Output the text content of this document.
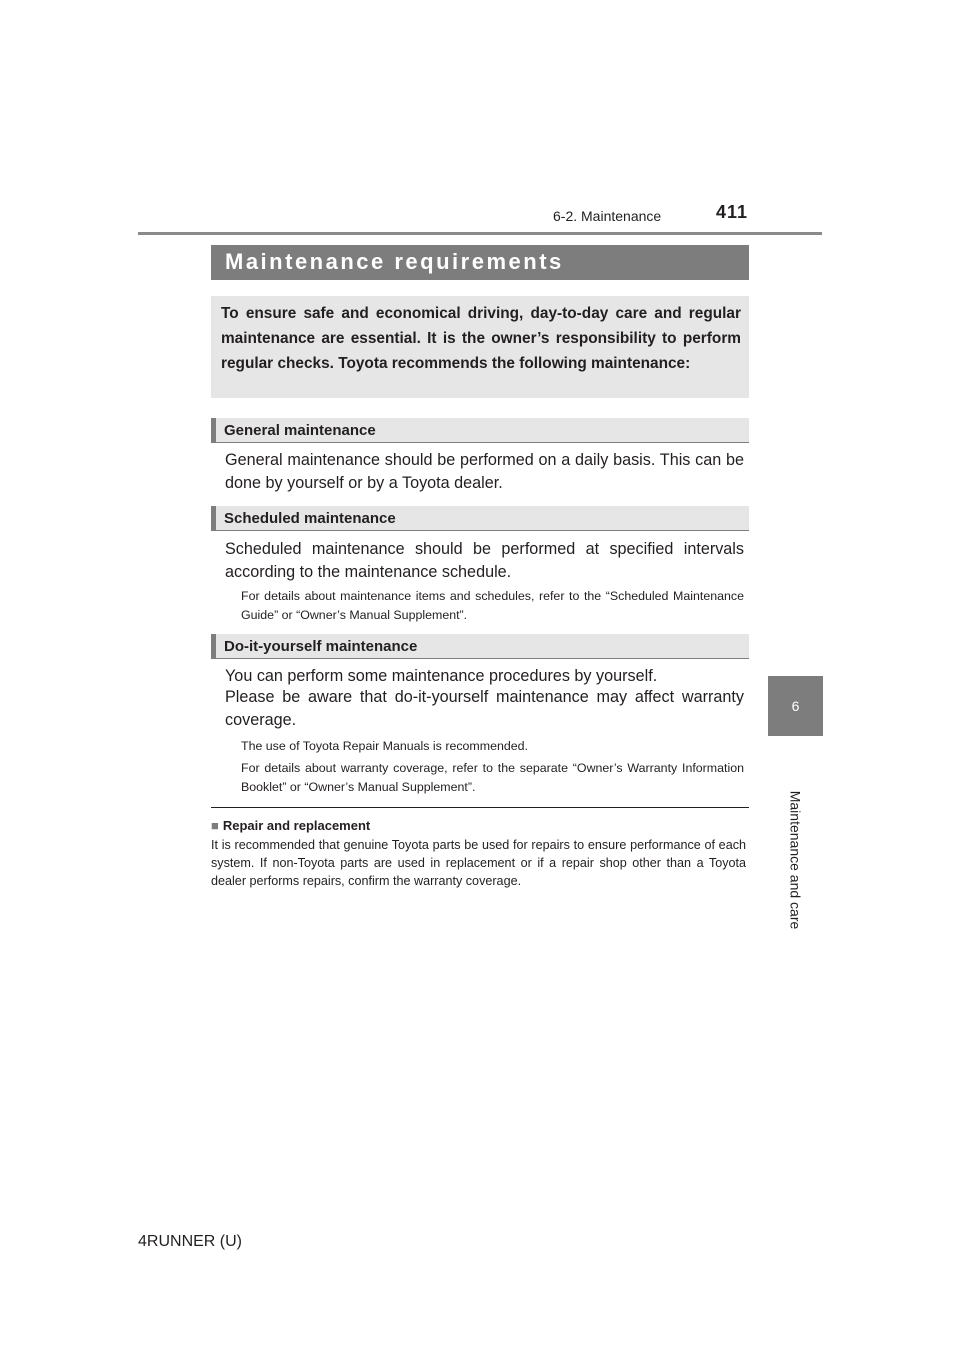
6-2. Maintenance	411
6
Maintenance and care
Maintenance requirements

To ensure safe and economical driving, day-to-day care and regular maintenance are essential. It is the owner’s responsibility to perform regular checks. Toyota recommends the following maintenance:

General maintenance

General maintenance should be performed on a daily basis. This can be done by yourself or by a Toyota dealer.

Scheduled maintenance

Scheduled maintenance should be performed at specified intervals according to the maintenance schedule.

For details about maintenance items and schedules, refer to the “Scheduled Maintenance Guide” or “Owner’s Manual Supplement”.

Do-it-yourself maintenance

You can perform some maintenance procedures by yourself.

Please be aware that do-it-yourself maintenance may affect warranty coverage.

The use of Toyota Repair Manuals is recommended.

For details about warranty coverage, refer to the separate “Owner’s Warranty Information Booklet” or “Owner’s Manual Supplement”.

■ Repair and replacement

It is recommended that genuine Toyota parts be used for repairs to ensure performance of each system. If non-Toyota parts are used in replacement or if a repair shop other than a Toyota dealer performs repairs, confirm the warranty coverage.

4RUNNER (U)
